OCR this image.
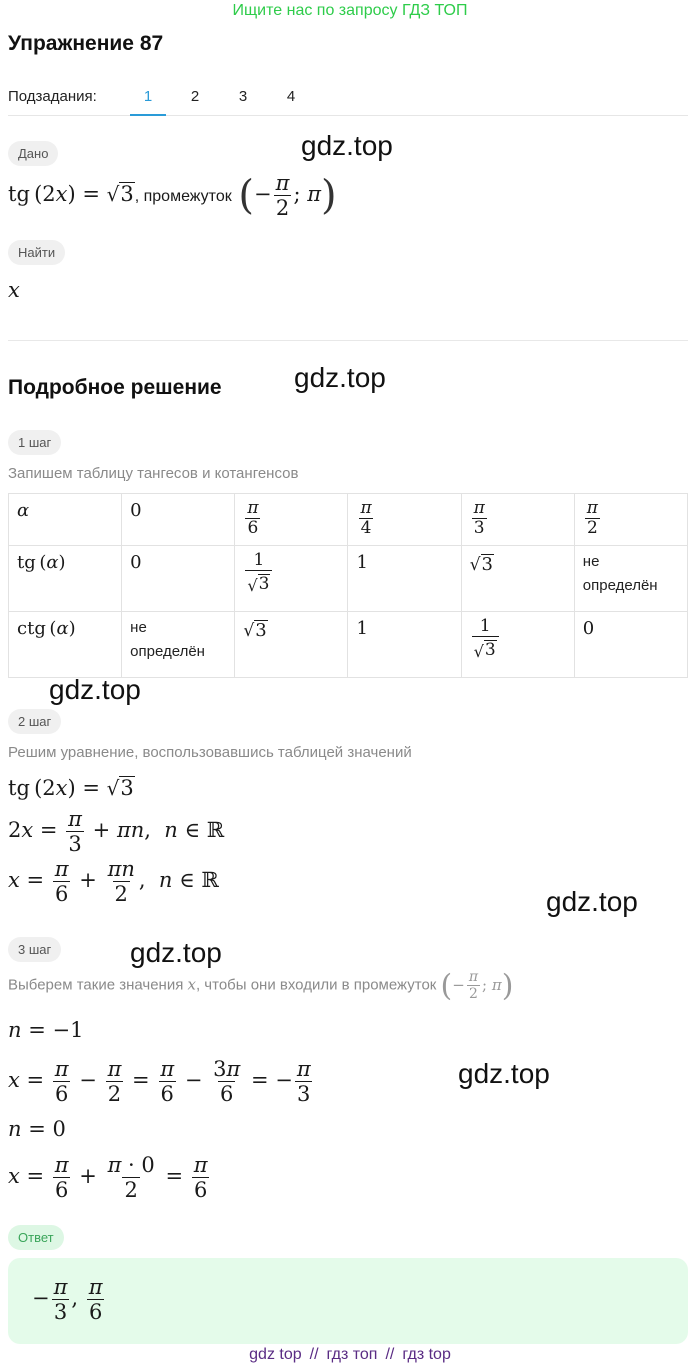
Ищите нас по запросу ГДЗ ТОП
Упражнение 87
Подзадания:	1	2	3	4
Дано	gdz.top
tg (2x) = √ 3 , промежуток (− $\frac{\pi}{2}$ ; π)
Найти
x
Подробное решение	gdz.top
1 шаг
Запишем таблицу тангесов и котангенсов
α	0	$\frac{\pi}{6}$	$\frac{\pi}{4}$	$\frac{\pi}{3}$	$\frac{\pi}{2}$

tg (α)	0	$\frac{1}{√ 3}$	1	√ 3	не
определён

ctg (α)	не
определён	√ 3	1	$\frac{1}{√ 3}$	0
gdz.top
2 шаг
Решим уравнение, воспользовавшись таблицей значений
tg (2x) = √ 3
$2x = \frac{\pi}{3} + \pi n$,  n ∈ ℝ
$x = \frac{\pi}{6} + \frac{\pi n}{2}$ ,  n ∈ ℝ
gdz.top
3 шаг	gdz.top
Выберем такие значения x, чтобы они входили в промежуток (− $\frac{\pi}{2}$ ; π)
n = −1
$x = \frac{\pi}{6} - \frac{\pi}{2} = \frac{\pi}{6} - \frac{3\pi}{6}$ = − $\frac{\pi}{3}$	gdz.top
n = 0
$x = \frac{\pi}{6} + \frac{\pi \cdot 0}{2} = \frac{\pi}{6}$
Ответ
− $\frac{\pi}{3}$ , $\frac{\pi}{6}$
gdz top // гдз топ // гдз top
